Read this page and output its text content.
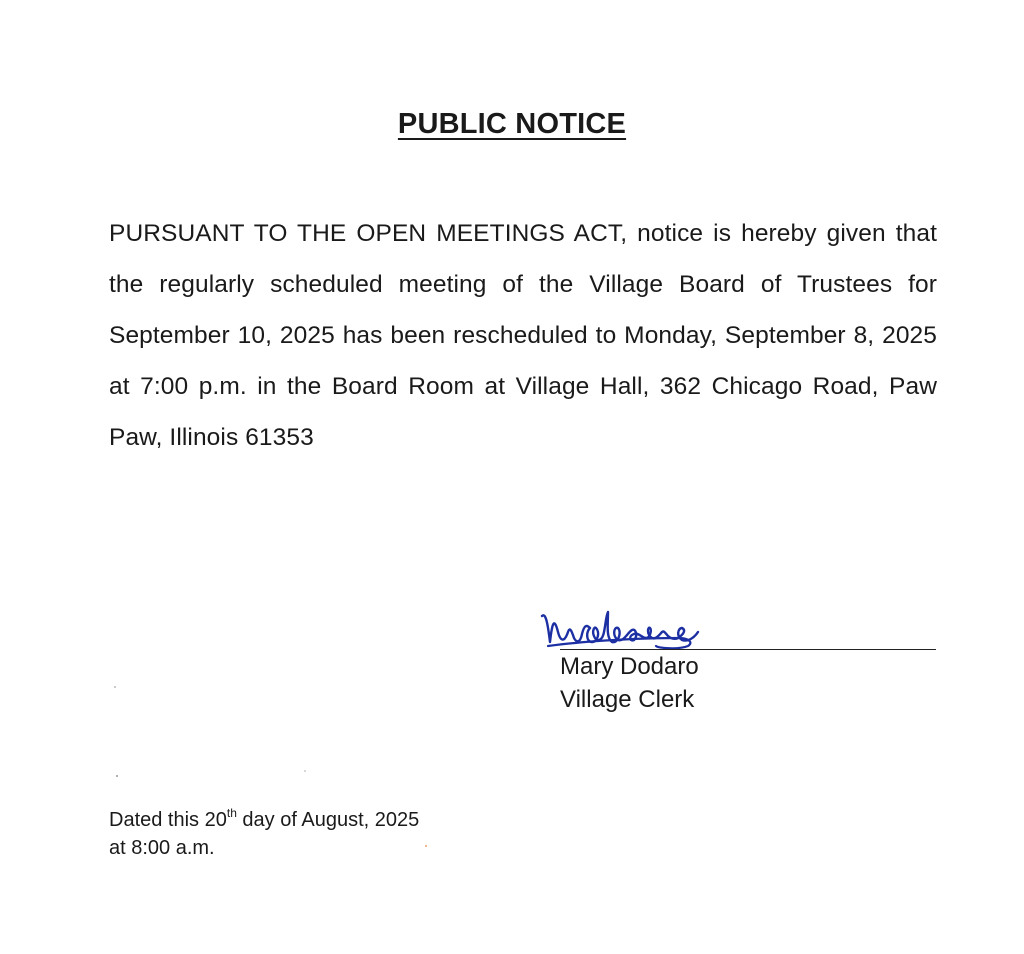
PUBLIC NOTICE

PURSUANT TO THE OPEN MEETINGS ACT, notice is hereby given that the regularly scheduled meeting of the Village Board of Trustees for September 10, 2025 has been rescheduled to Monday, September 8, 2025 at 7:00 p.m. in the Board Room at Village Hall, 362 Chicago Road, Paw Paw, Illinois 61353

Mary Dodaro
Village Clerk

Dated this 20th day of August, 2025
at 8:00 a.m.
